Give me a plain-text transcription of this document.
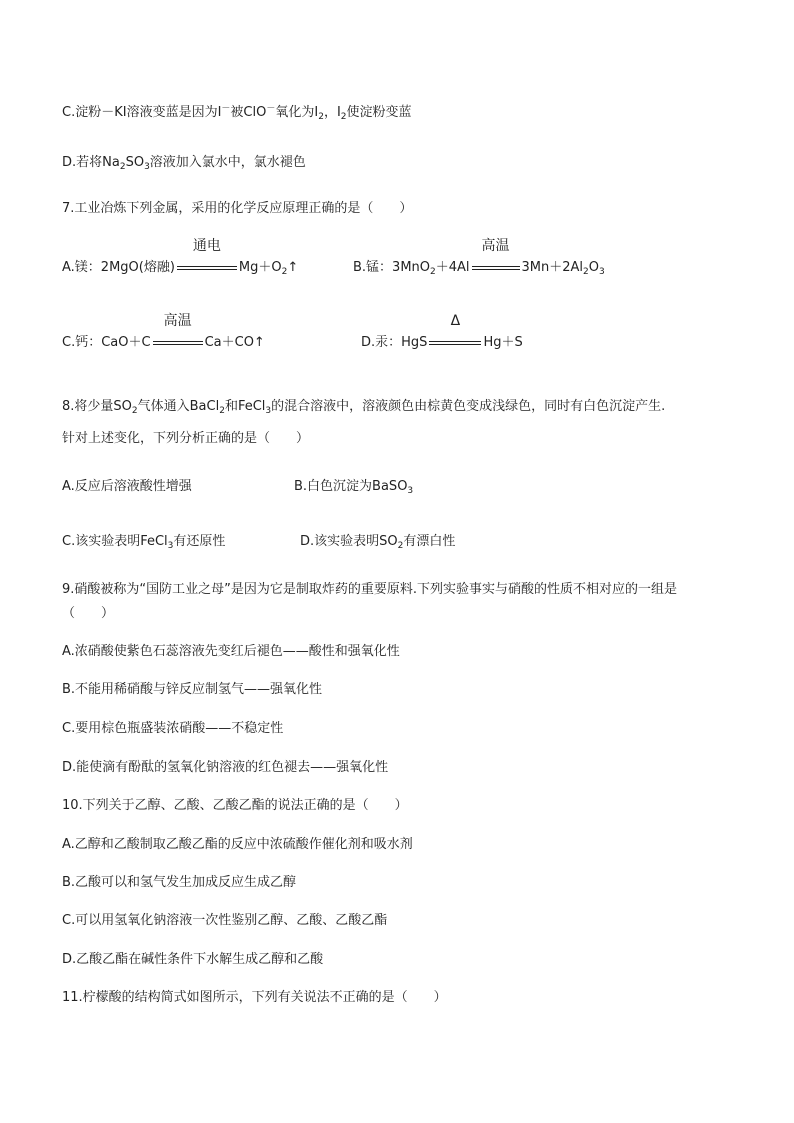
C.淀粉－KI溶液变蓝是因为I－被ClO－氧化为$I_2$，$I_2$使淀粉变蓝
D.若将$Na_2SO_3$溶液加入氯水中，氯水褪色
7.工业冶炼下列金属，采用的化学反应原理正确的是（　　）
A.镁：2MgO(熔融)
通电
$Mg+O_2↑$	B.锰：3MnO$_2$＋4Al
高温
$3Mn+2Al_2O_3$
C.钙：CaO＋C
高温
Ca＋CO↑	D.汞：HgS
Δ
Hg＋S
8.将少量$SO_2$气体通入BaCl$_2$和FeCl$_3$的混合溶液中，溶液颜色由棕黄色变成浅绿色，同时有白色沉淀产生.
针对上述变化，下列分析正确的是（　　）
A.反应后溶液酸性增强	B.白色沉淀为BaSO$_3$
C.该实验表明FeCl$_3$有还原性	D.该实验表明$SO_2$有漂白性
9.硝酸被称为“国防工业之母”是因为它是制取炸药的重要原料.下列实验事实与硝酸的性质不相对应的一组是
（　　）
A.浓硝酸使紫色石蕊溶液先变红后褪色——酸性和强氧化性
B.不能用稀硝酸与锌反应制氢气——强氧化性
C.要用棕色瓶盛装浓硝酸——不稳定性
D.能使滴有酚酞的氢氧化钠溶液的红色褪去——强氧化性
10.下列关于乙醇、乙酸、乙酸乙酯的说法正确的是（　　）
A.乙醇和乙酸制取乙酸乙酯的反应中浓硫酸作催化剂和吸水剂
B.乙酸可以和氢气发生加成反应生成乙醇
C.可以用氢氧化钠溶液一次性鉴别乙醇、乙酸、乙酸乙酯
D.乙酸乙酯在碱性条件下水解生成乙醇和乙酸
11.柠檬酸的结构简式如图所示，下列有关说法不正确的是（　　）
